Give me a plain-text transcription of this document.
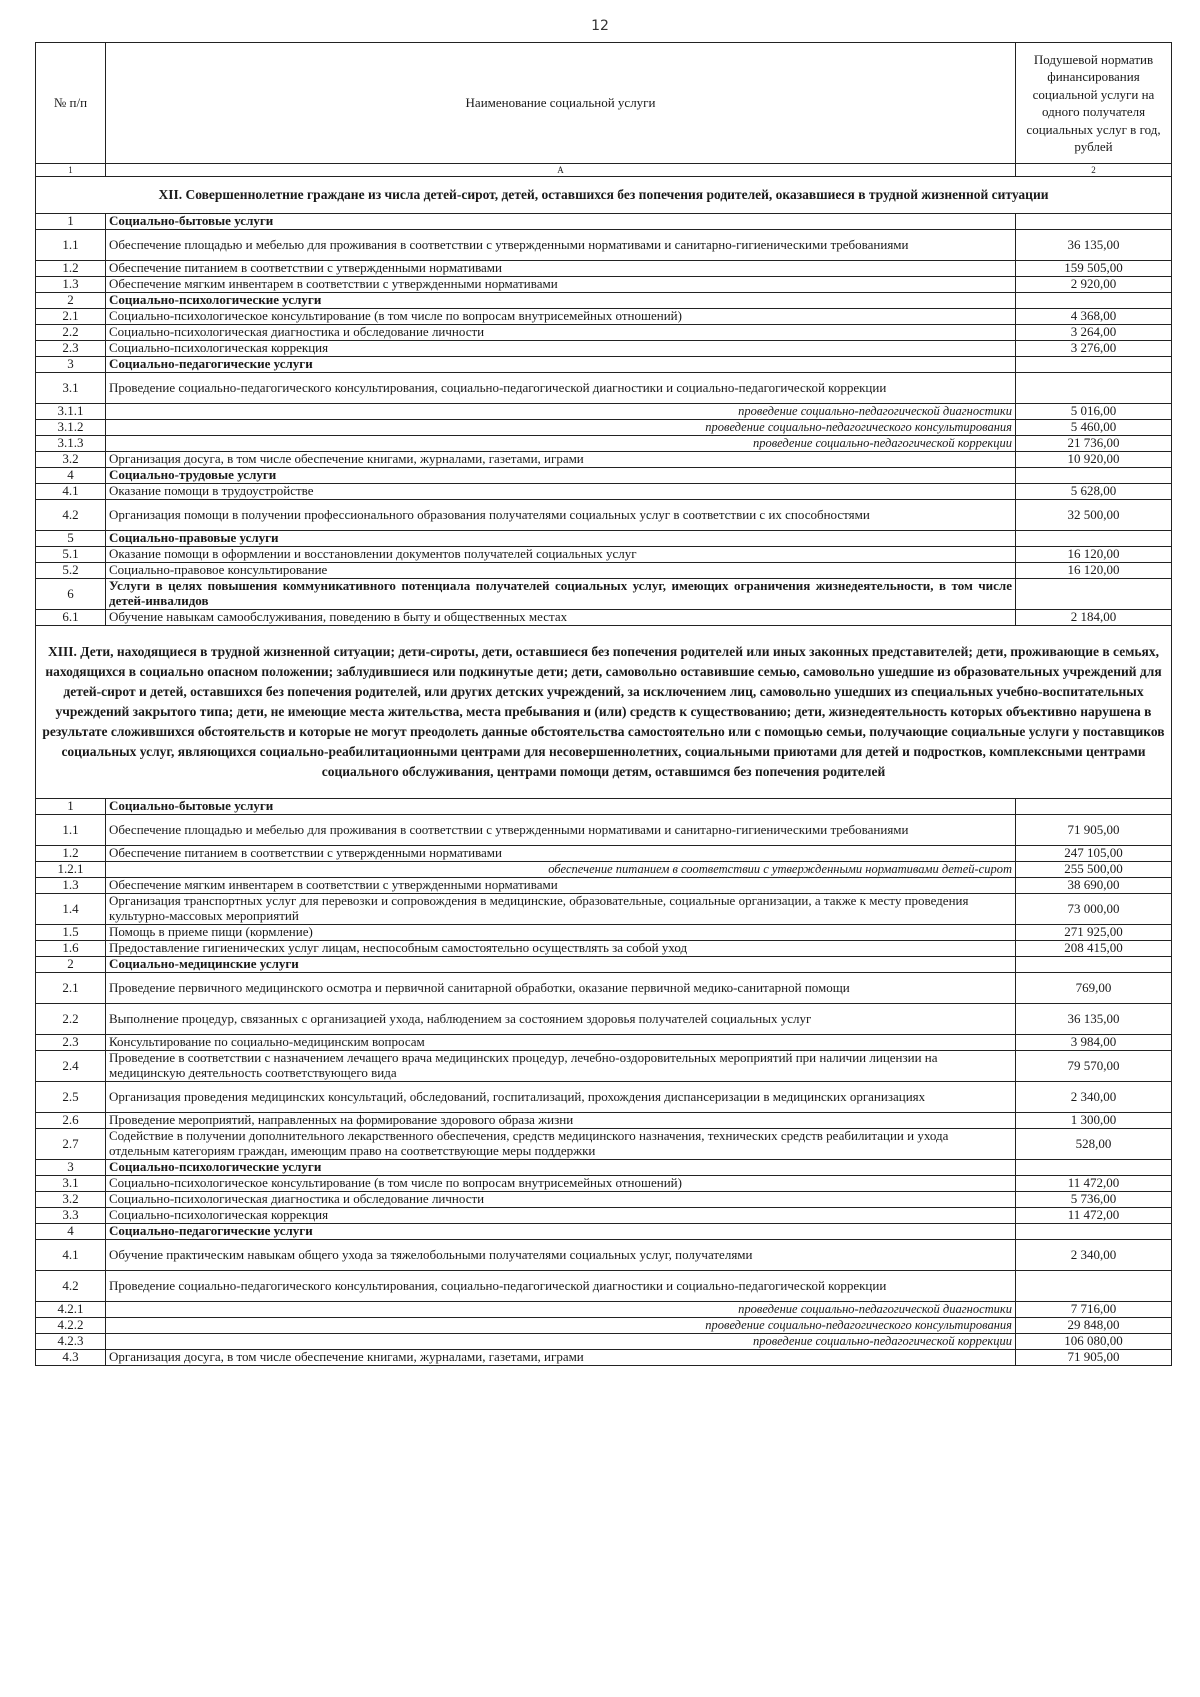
12
№ п/п	Наименование социальной услуги	Подушевой норматив финансирования социальной услуги на одного получателя социальных услуг в год, рублей
1	А	2
XII. Совершеннолетние граждане из числа детей-сирот, детей, оставшихся без попечения родителей, оказавшиеся в трудной жизненной ситуации		
1	Социально-бытовые услуги	
1.1	Обеспечение площадью и мебелью для проживания в соответствии с утвержденными нормативами и санитарно-гигиеническими требованиями	36 135,00
1.2	Обеспечение питанием в соответствии с утвержденными нормативами	159 505,00
1.3	Обеспечение мягким инвентарем в соответствии с утвержденными нормативами	2 920,00
2	Социально-психологические услуги	
2.1	Социально-психологическое консультирование (в том числе по вопросам внутрисемейных отношений)	4 368,00
2.2	Социально-психологическая диагностика и обследование личности	3 264,00
2.3	Социально-психологическая коррекция	3 276,00
3	Социально-педагогические услуги	
3.1	Проведение социально-педагогического консультирования, социально-педагогической диагностики и социально-педагогической коррекции	
3.1.1	проведение социально-педагогической диагностики	5 016,00
3.1.2	проведение социально-педагогического консультирования	5 460,00
3.1.3	проведение социально-педагогической коррекции	21 736,00
3.2	Организация досуга, в том числе обеспечение книгами, журналами, газетами, играми	10 920,00
4	Социально-трудовые услуги	
4.1	Оказание помощи в трудоустройстве	5 628,00
4.2	Организация помощи в получении профессионального образования получателями социальных услуг в соответствии с их способностями	32 500,00
5	Социально-правовые услуги	
5.1	Оказание помощи в оформлении и восстановлении документов получателей социальных услуг	16 120,00
5.2	Социально-правовое консультирование	16 120,00
6	Услуги в целях повышения коммуникативного потенциала получателей социальных услуг, имеющих ограничения жизнедеятельности, в том числе детей-инвалидов	
6.1	Обучение навыкам самообслуживания, поведению в быту и общественных местах	2 184,00
XIII. Дети, находящиеся в трудной жизненной ситуации; дети-сироты, дети, оставшиеся без попечения родителей или иных законных представителей; дети, проживающие в семьях, находящихся в социально опасном положении; заблудившиеся или подкинутые дети; дети, самовольно оставившие семью, самовольно ушедшие из образовательных учреждений для детей-сирот и детей, оставшихся без попечения родителей, или других детских учреждений, за исключением лиц, самовольно ушедших из специальных учебно-воспитательных учреждений закрытого типа; дети, не имеющие места жительства, места пребывания и (или) средств к существованию; дети, жизнедеятельность которых объективно нарушена в результате сложившихся обстоятельств и которые не могут преодолеть данные обстоятельства самостоятельно или с помощью семьи, получающие социальные услуги у поставщиков социальных услуг, являющихся социально-реабилитационными центрами для несовершеннолетних, социальными приютами для детей и подростков, комплексными центрами социального обслуживания, центрами помощи детям, оставшимся без попечения родителей		
1	Социально-бытовые услуги	
1.1	Обеспечение площадью и мебелью для проживания в соответствии с утвержденными нормативами и санитарно-гигиеническими требованиями	71 905,00
1.2	Обеспечение питанием в соответствии с утвержденными нормативами	247 105,00
1.2.1	обеспечение питанием в соответствии с утвержденными нормативами детей-сирот	255 500,00
1.3	Обеспечение мягким инвентарем в соответствии с утвержденными нормативами	38 690,00
1.4	Организация транспортных услуг для перевозки и сопровождения в медицинские, образовательные, социальные организации, а также к месту проведения культурно-массовых мероприятий	73 000,00
1.5	Помощь в приеме пищи (кормление)	271 925,00
1.6	Предоставление гигиенических услуг лицам, неспособным самостоятельно осуществлять за собой уход	208 415,00
2	Социально-медицинские услуги	
2.1	Проведение первичного медицинского осмотра и первичной санитарной обработки, оказание первичной медико-санитарной помощи	769,00
2.2	Выполнение процедур, связанных с организацией ухода, наблюдением за состоянием здоровья получателей социальных услуг	36 135,00
2.3	Консультирование по социально-медицинским вопросам	3 984,00
2.4	Проведение в соответствии с назначением лечащего врача медицинских процедур, лечебно-оздоровительных мероприятий при наличии лицензии на медицинскую деятельность соответствующего вида	79 570,00
2.5	Организация проведения медицинских консультаций, обследований, госпитализаций, прохождения диспансеризации в медицинских организациях	2 340,00
2.6	Проведение мероприятий, направленных на формирование здорового образа жизни	1 300,00
2.7	Содействие в получении дополнительного лекарственного обеспечения, средств медицинского назначения, технических средств реабилитации и ухода отдельным категориям граждан, имеющим право на соответствующие меры поддержки	528,00
3	Социально-психологические услуги	
3.1	Социально-психологическое консультирование (в том числе по вопросам внутрисемейных отношений)	11 472,00
3.2	Социально-психологическая диагностика и обследование личности	5 736,00
3.3	Социально-психологическая коррекция	11 472,00
4	Социально-педагогические услуги	
4.1	Обучение практическим навыкам общего ухода за тяжелобольными получателями социальных услуг, получателями	2 340,00
4.2	Проведение социально-педагогического консультирования, социально-педагогической диагностики и социально-педагогической коррекции	
4.2.1	проведение социально-педагогической диагностики	7 716,00
4.2.2	проведение социально-педагогического консультирования	29 848,00
4.2.3	проведение социально-педагогической коррекции	106 080,00
4.3	Организация досуга, в том числе обеспечение книгами, журналами, газетами, играми	71 905,00
